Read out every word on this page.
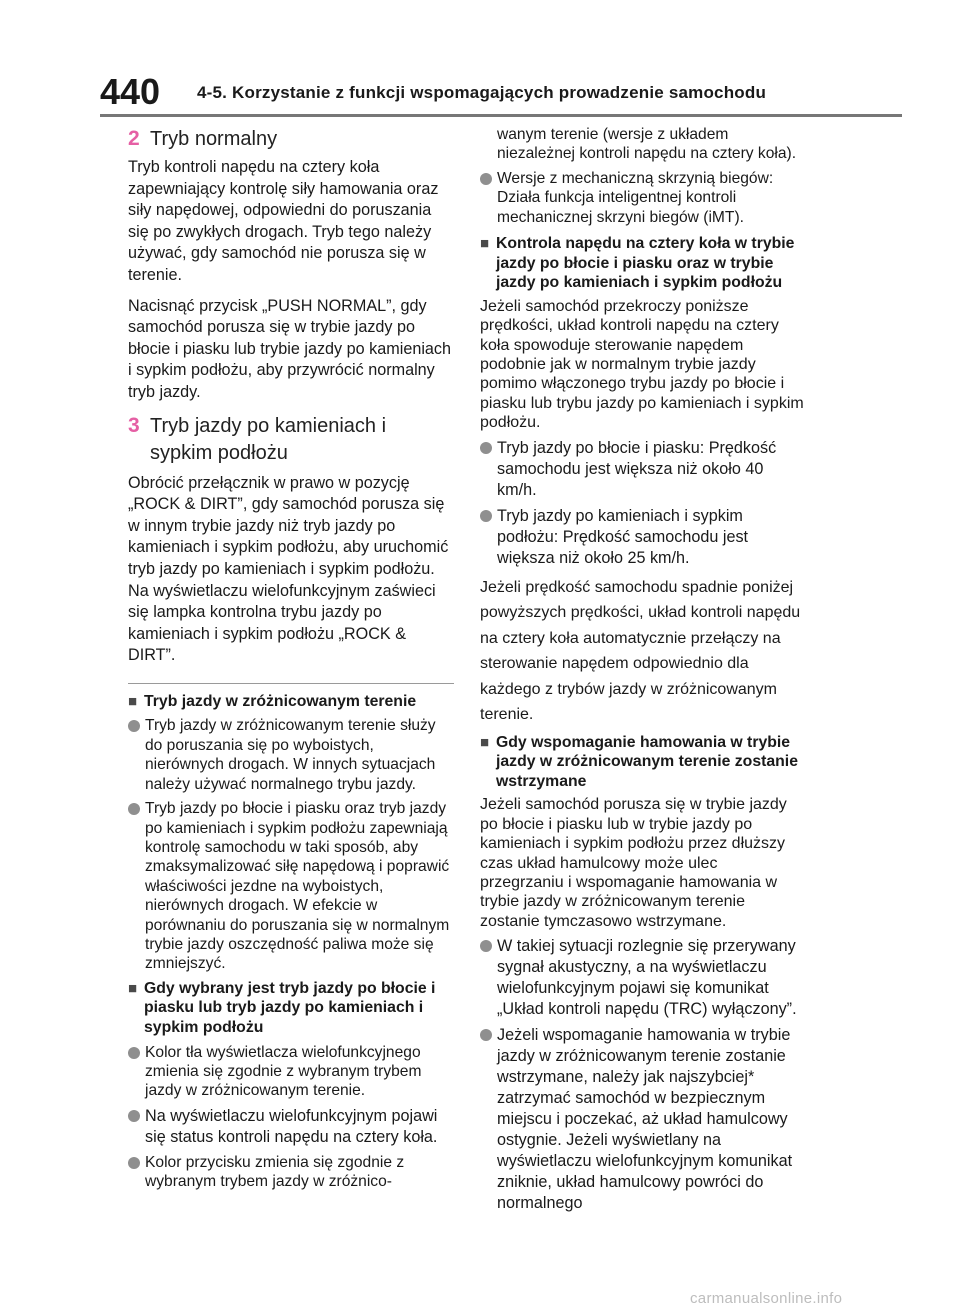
440 4-5. Korzystanie z funkcji wspomagających prowadzenie samochodu
2 Tryb normalny

Tryb kontroli napędu na cztery koła zapewniający kontrolę siły hamowania oraz siły napędowej, odpowiedni do poruszania się po zwykłych drogach. Tryb tego należy używać, gdy samochód nie porusza się w terenie.

Nacisnąć przycisk „PUSH NORMAL”, gdy samochód porusza się w trybie jazdy po błocie i piasku lub trybie jazdy po kamieniach i sypkim podłożu, aby przywrócić normalny tryb jazdy.

3 Tryb jazdy po kamieniach i sypkim podłożu

Obrócić przełącznik w prawo w pozycję „ROCK & DIRT”, gdy samochód porusza się w innym trybie jazdy niż tryb jazdy po kamieniach i sypkim podłożu, aby uruchomić tryb jazdy po kamieniach i sypkim podłożu. Na wyświetlaczu wielofunkcyjnym zaświeci się lampka kontrolna trybu jazdy po kamieniach i sypkim podłożu „ROCK & DIRT”.

■ Tryb jazdy w zróżnicowanym terenie
Tryb jazdy w zróżnicowanym terenie służy do poruszania się po wyboistych, nierównych drogach. W innych sytuacjach należy używać normalnego trybu jazdy.
Tryb jazdy po błocie i piasku oraz tryb jazdy po kamieniach i sypkim podłożu zapewniają kontrolę samochodu w taki sposób, aby zmaksymalizować siłę napędową i poprawić właściwości jezdne na wyboistych, nierównych drogach. W efekcie w porównaniu do poruszania się w normalnym trybie jazdy oszczędność paliwa może się zmniejszyć.
■ Gdy wybrany jest tryb jazdy po błocie i piasku lub tryb jazdy po kamieniach i sypkim podłożu
Kolor tła wyświetlacza wielofunkcyjnego zmienia się zgodnie z wybranym trybem jazdy w zróżnicowanym terenie.
Na wyświetlaczu wielofunkcyjnym pojawi się status kontroli napędu na cztery koła.
Kolor przycisku zmienia się zgodnie z wybranym trybem jazdy w zróżnico-
wanym terenie (wersje z układem niezależnej kontroli napędu na cztery koła).
Wersje z mechaniczną skrzynią biegów: Działa funkcja inteligentnej kontroli mechanicznej skrzyni biegów (iMT).
■ Kontrola napędu na cztery koła w trybie jazdy po błocie i piasku oraz w trybie jazdy po kamieniach i sypkim podłożu

Jeżeli samochód przekroczy poniższe prędkości, układ kontroli napędu na cztery koła spowoduje sterowanie napędem podobnie jak w normalnym trybie jazdy pomimo włączonego trybu jazdy po błocie i piasku lub trybu jazdy po kamieniach i sypkim podłożu.

Tryb jazdy po błocie i piasku: Prędkość samochodu jest większa niż około 40 km/h.
Tryb jazdy po kamieniach i sypkim podłożu: Prędkość samochodu jest większa niż około 25 km/h.

Jeżeli prędkość samochodu spadnie poniżej powyższych prędkości, układ kontroli napędu na cztery koła automatycznie przełączy na sterowanie napędem odpowiednio dla każdego z trybów jazdy w zróżnicowanym terenie.

■ Gdy wspomaganie hamowania w trybie jazdy w zróżnicowanym terenie zostanie wstrzymane

Jeżeli samochód porusza się w trybie jazdy po błocie i piasku lub w trybie jazdy po kamieniach i sypkim podłożu przez dłuższy czas układ hamulcowy może ulec przegrzaniu i wspomaganie hamowania w trybie jazdy w zróżnicowanym terenie zostanie tymczasowo wstrzymane.

W takiej sytuacji rozlegnie się przerywany sygnał akustyczny, a na wyświetlaczu wielofunkcyjnym pojawi się komunikat „Układ kontroli napędu (TRC) wyłączony”.
Jeżeli wspomaganie hamowania w trybie jazdy w zróżnicowanym terenie zostanie wstrzymane, należy jak najszybciej* zatrzymać samochód w bezpiecznym miejscu i poczekać, aż układ hamulcowy ostygnie. Jeżeli wyświetlany na wyświetlaczu wielofunkcyjnym komunikat zniknie, układ hamulcowy powróci do normalnego
carmanualsonline.info
